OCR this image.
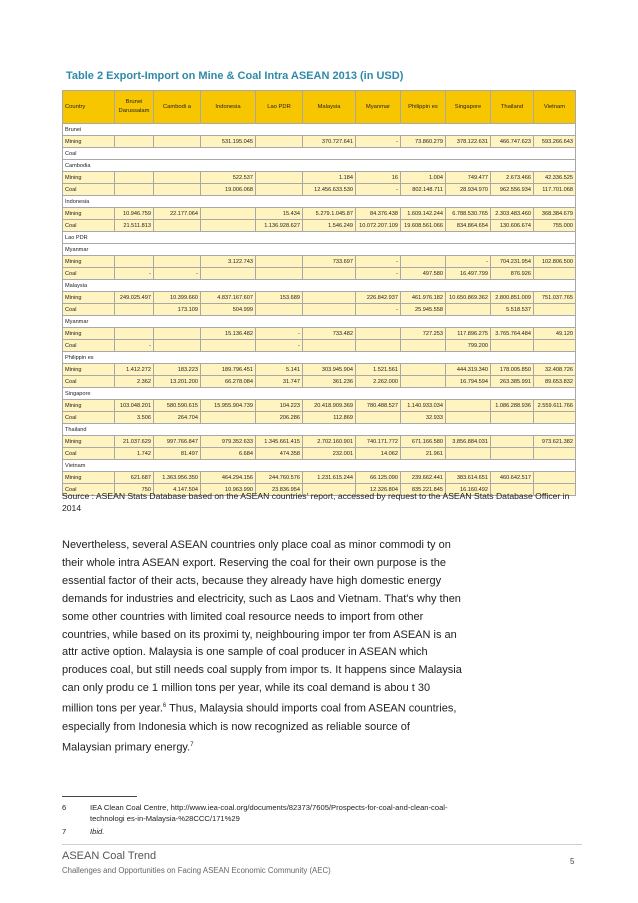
Table 2 Export-Import on Mine & Coal Intra ASEAN 2013 (in USD)
Country	Brunei Darussalam	Cambodi a	Indonesia	Lao PDR	Malaysia	Myanmar	Philippin es	Singapore	Thailand	Vietnam
Brunei										
Mining			531.195.045		370.727.641	-	73.860.279	378.122.631	466.747.623	593.266.643
Coal										
Cambodia										
Mining			522.537		1.184	16	1.004	749.477	2.673.466	42.336.525
Coal			19.006.068		12.456.633.530	-	802.148.711	28.934.970	962.556.934	117.701.068
Indonesia										
Mining	10.946.759	22.177.064		15.434	5.279.1.045.87	84.376.438	1.609.142.244	6.788.530.765	2.303.483.460	368.384.679
Coal	21.511.813			1.136.928.627	1.546.249	10.072.207.109	19.608.561.066	834.864.654	130.606.674	755.000
Lao PDR										
Myanmar										
Mining			3.122.743		733.697	-		-	704.231.954	102.806.500
Coal	-	-				-	497.580	16.497.799	876.926	
Malaysia										
Mining	249.025.497	10.399.660	4.837.167.607	153.689		226.842.937	461.976.182	10.650.869.362	2.800.851.009	751.037.765
Coal		173.109	504.999			-	25.945.558		5.518.537	
Myanmar										
Mining			15.136.482	-	733.482		727.253	117.896.275	3.765.764.484	49.120
Coal	-			-				799.200		
Philippin es										
Mining	1.412.272	183.223	189.796.451	5.141	303.945.904	1.521.561		444.319.340	178.005.850	32.408.726
Coal	2.362	13.201.200	66.278.084	31.747	361.236	2.262.000		16.794.594	263.385.991	89.653.832
Singapore										
Mining	103.048.201	580.590.615	15.955.904.739	104.223	20.418.909.369	780.488.527	1.140.933.034		1.086.288.936	2.559.611.766
Coal	3.506	264.704		206.286	112.869		32.933			
Thailand										
Mining	21.037.629	997.766.847	979.352.633	1.345.661.415	2.702.160.901	740.171.772	671.166.580	3.856.884.031		973.621.382
Coal	1.742	81.497	6.684	474.358	232.001	14.062	21.961			
Vietnam										
Mining	621.687	1.363.956.350	464.294.156	244.760.576	1.231.615.244	66.125.090	239.662.441	383.614.651	460.642.517	
Coal	750	4.147.504	10.963.990	23.836.954		12.326.804	835.221.845	16.160.492		
Source : ASEAN Stats Database based on the ASEAN countries' report, accessed by request to the ASEAN Stats Database Officer in 2014

Nevertheless, several ASEAN countries only place coal as minor commodi ty on their whole intra ASEAN export. Reserving the coal for their own purpose is the essential factor of their acts, because they already have high domestic energy demands for industries and electricity, such as Laos and Vietnam. That's why then some other countries with limited coal resource needs to import from other countries, while based on its proximi ty, neighbouring impor ter from ASEAN is an attr active option. Malaysia is one sample of coal producer in ASEAN which produces coal, but still needs coal supply from impor ts. It happens since Malaysia can only produ ce 1 million tons per year, while its coal demand is abou t 30 million tons per year.$^6$ Thus, Malaysia should imports coal from ASEAN countries, especially from Indonesia which is now recognized as reliable source of Malaysian primary energy.$^7$

6	IEA Clean Coal Centre, http://www.iea-coal.org/documents/82373/7605/Prospects-for-coal-and-clean-coal-technologi es-in-Malaysia-%28CCC/171%29
7	Ibid.
ASEAN Coal Trend
Challenges and Opportunities on Facing ASEAN Economic Community (AEC)
5
